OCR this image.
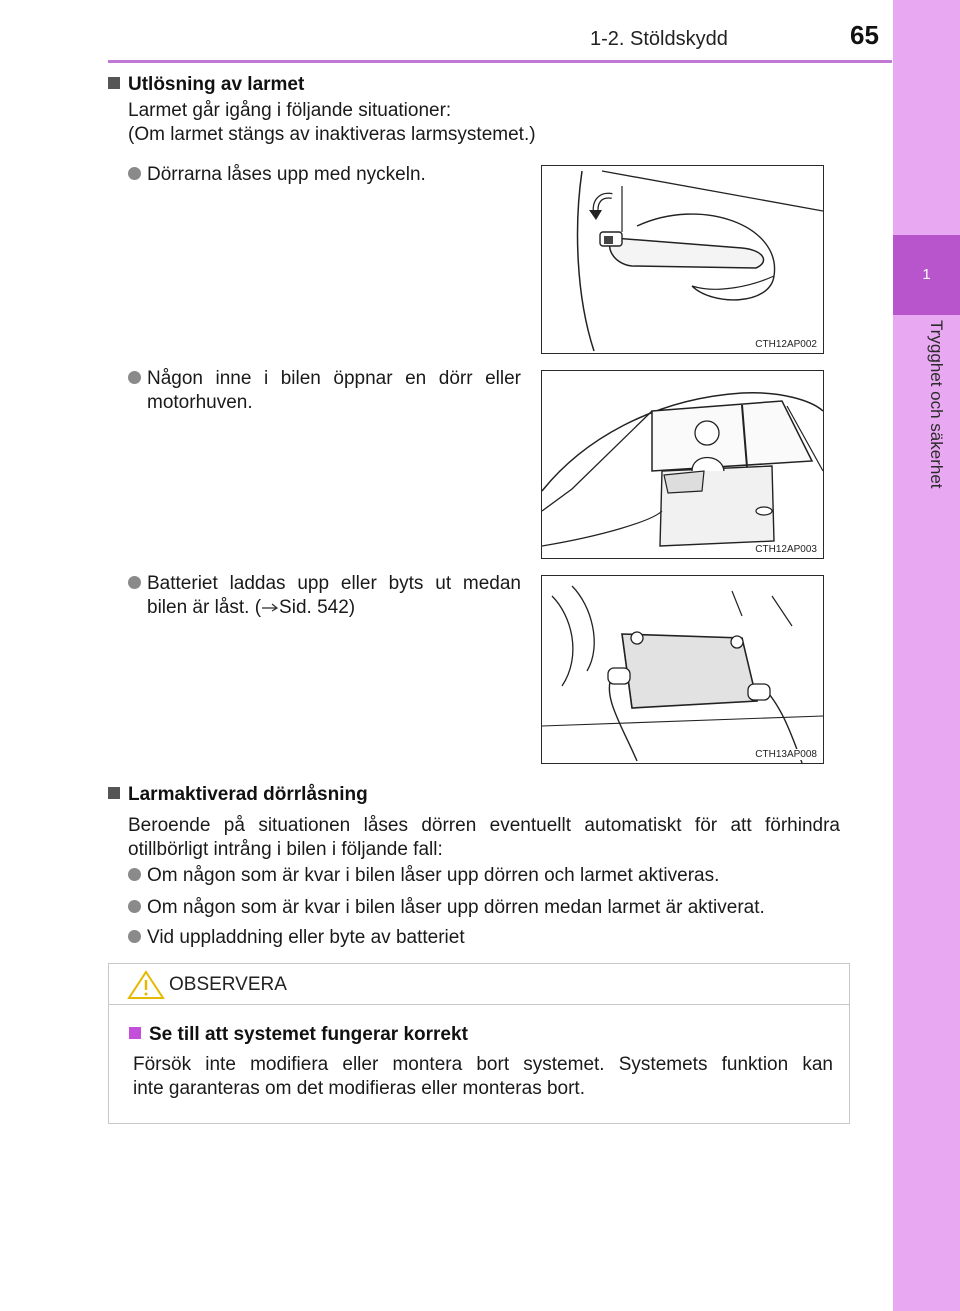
1
Trygghet och säkerhet
1-2. Stöldskydd	65
Utlösning av larmet
Larmet går igång i följande situationer:
(Om larmet stängs av inaktiveras larmsystemet.)
Dörrarna låses upp med nyckeln.
Någon inne i bilen öppnar en dörr eller
motorhuven.
Batteriet laddas upp eller byts ut medan
bilen är låst. ( Sid. 542)
CTH12AP002
CTH12AP003
CTH13AP008
Larmaktiverad dörrlåsning
Beroende på situationen låses dörren eventuellt automatiskt för att förhindra
otillbörligt intrång i bilen i följande fall:
Om någon som är kvar i bilen låser upp dörren och larmet aktiveras.
Om någon som är kvar i bilen låser upp dörren medan larmet är aktiverat.
Vid uppladdning eller byte av batteriet
OBSERVERA
Se till att systemet fungerar korrekt
Försök inte modifiera eller montera bort systemet. Systemets funktion kan
inte garanteras om det modifieras eller monteras bort.
